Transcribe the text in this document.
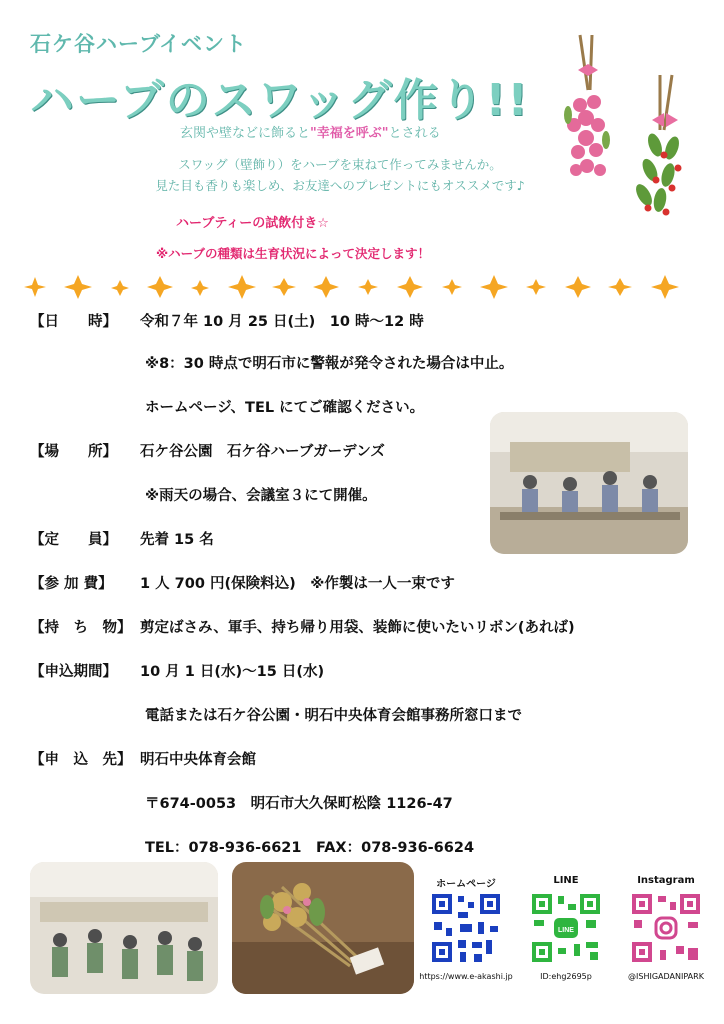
石ケ谷ハーブイベント
ハーブのスワッグ作り!!
玄関や壁などに飾ると"幸福を呼ぶ"とされる
スワッグ（壁飾り）をハーブを束ねて作ってみませんか。
見た目も香りも楽しめ、お友達へのプレゼントにもオススメです♪
ハーブティーの試飲付き☆
※ハーブの種類は生育状況によって決定します！
【日　　時】 令和７年 10 月 25 日(土)　10 時～12 時
※8：30 時点で明石市に警報が発令された場合は中止。
ホームページ、TEL にてご確認ください。
【場　　所】 石ケ谷公園　石ケ谷ハーブガーデンズ
※雨天の場合、会議室３にて開催。
【定　　員】 先着 15 名
【参 加 費】 1 人 700 円(保険料込)　※作製は一人一束です
【持　ち　物】 剪定ばさみ、軍手、持ち帰り用袋、装飾に使いたいリボン(あれば)
【申込期間】 10 月 1 日(水)～15 日(水)
電話または石ケ谷公園・明石中央体育会館事務所窓口まで
【申　込　先】 明石中央体育会館
〒674-0053　明石市大久保町松陰 1126-47
TEL：078-936-6621　FAX：078-936-6624
ホームページ
https://www.e-akashi.jp
LINE
LINE
ID:ehg2695p
Instagram
@ISHIGADANIPARK
